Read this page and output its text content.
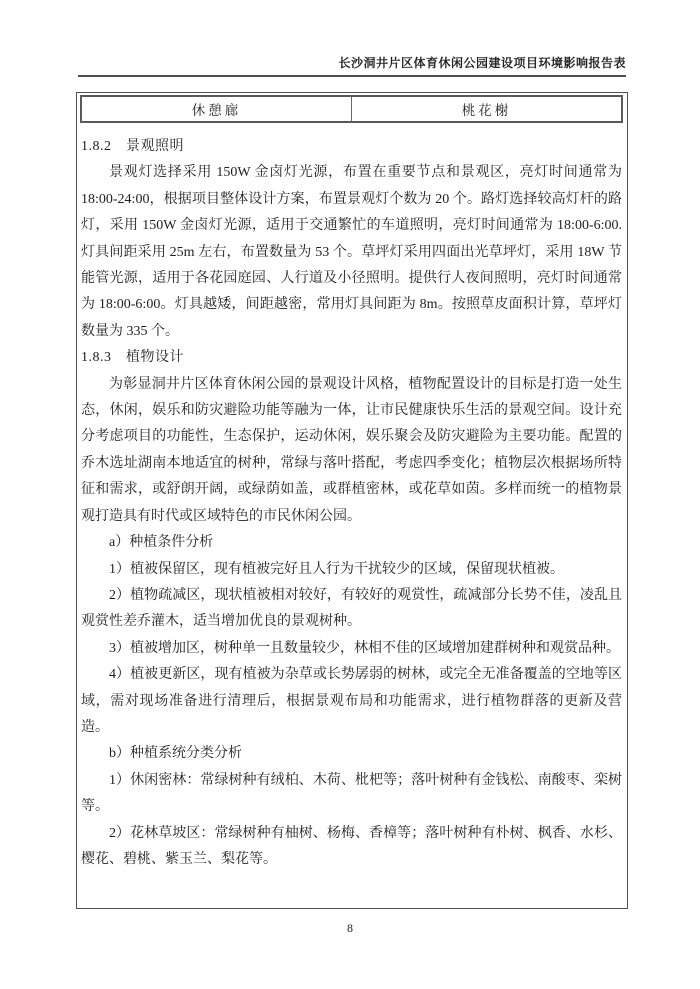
长沙洞井片区体育休闲公园建设项目环境影响报告表
休憩廊	桃花榭

1.8.2　景观照明

景观灯选择采用 150W 金卤灯光源，布置在重要节点和景观区，亮灯时间通常为 18:00-24:00，根据项目整体设计方案，布置景观灯个数为 20 个。路灯选择较高灯杆的路灯，采用 150W 金卤灯光源，适用于交通繁忙的车道照明，亮灯时间通常为 18:00-6:00.灯具间距采用 25m 左右，布置数量为 53 个。草坪灯采用四面出光草坪灯，采用 18W 节能管光源，适用于各花园庭园、人行道及小径照明。提供行人夜间照明，亮灯时间通常为 18:00-6:00。灯具越矮，间距越密，常用灯具间距为 8m。按照草皮面积计算，草坪灯数量为 335 个。

1.8.3　植物设计

为彰显洞井片区体育休闲公园的景观设计风格，植物配置设计的目标是打造一处生态，休闲，娱乐和防灾避险功能等融为一体，让市民健康快乐生活的景观空间。设计充分考虑项目的功能性，生态保护，运动休闲，娱乐聚会及防灾避险为主要功能。配置的乔木选址湖南本地适宜的树种，常绿与落叶搭配，考虑四季变化；植物层次根据场所特征和需求，或舒朗开阔，或绿荫如盖，或群植密林，或花草如茵。多样而统一的植物景观打造具有时代或区域特色的市民休闲公园。

a）种植条件分析

1）植被保留区，现有植被完好且人行为干扰较少的区域，保留现状植被。

2）植物疏减区，现状植被相对较好，有较好的观赏性，疏减部分长势不佳，凌乱且观赏性差乔灌木，适当增加优良的景观树种。

3）植被增加区，树种单一且数量较少，林相不佳的区域增加建群树种和观赏品种。

4）植被更新区，现有植被为杂草或长势孱弱的树林，或完全无准备覆盖的空地等区域，需对现场准备进行清理后，根据景观布局和功能需求，进行植物群落的更新及营造。

b）种植系统分类分析

1）休闲密林：常绿树种有绒柏、木荷、枇杷等；落叶树种有金钱松、南酸枣、栾树等。

2）花林草坡区：常绿树种有柚树、杨梅、香樟等；落叶树种有朴树、枫香、水杉、樱花、碧桃、紫玉兰、梨花等。

8
